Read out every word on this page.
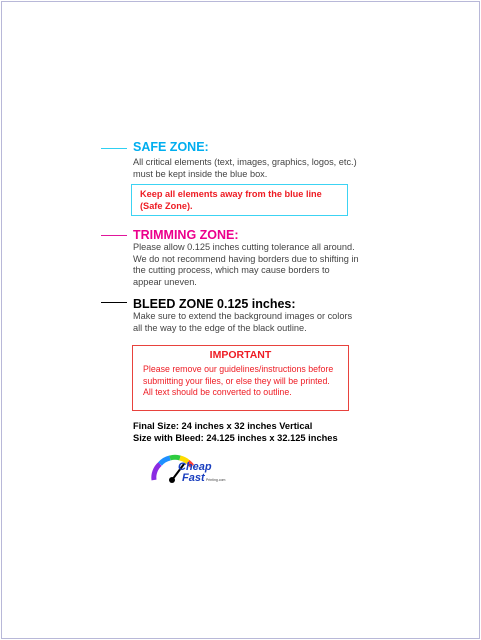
SAFE ZONE:
All critical elements (text, images, graphics, logos, etc.)
must be kept inside the blue box.
Keep all elements away from the blue line
(Safe Zone).
TRIMMING ZONE:
Please allow 0.125 inches cutting tolerance all around.
We do not recommend having borders due to shifting in
the cutting process, which may cause borders to
appear uneven.
BLEED ZONE 0.125 inches:
Make sure to extend the background images or colors
all the way to the edge of the black outline.
IMPORTANT
Please remove our guidelines/instructions before
submitting your files, or else they will be printed.
All text should be converted to outline.
Final Size: 24 inches x 32 inches Vertical
Size with Bleed: 24.125 inches x 32.125 inches
Cheap
Fast Printing.com
